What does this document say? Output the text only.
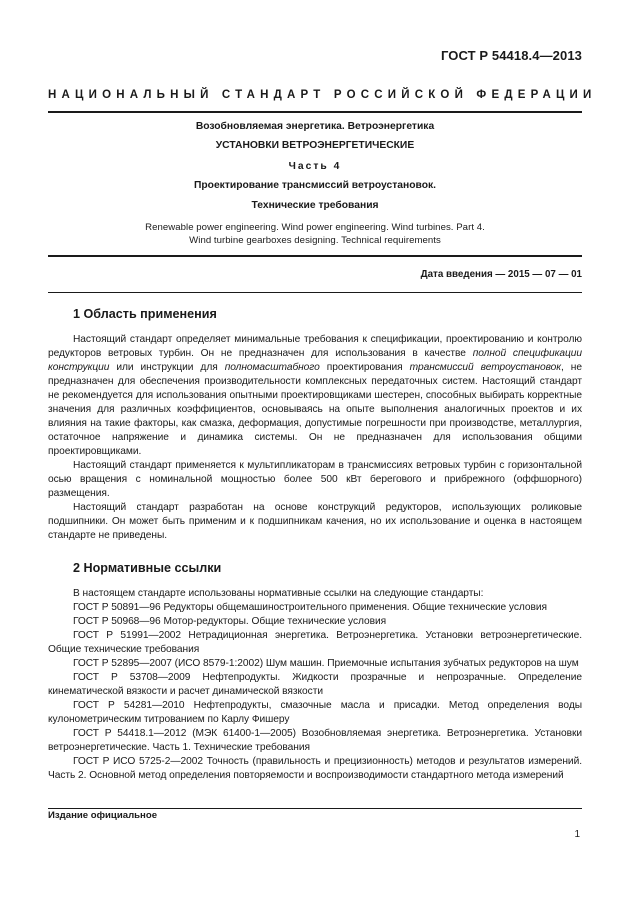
ГОСТ Р 54418.4—2013
НАЦИОНАЛЬНЫЙ СТАНДАРТ РОССИЙСКОЙ ФЕДЕРАЦИИ
Возобновляемая энергетика. Ветроэнергетика
УСТАНОВКИ ВЕТРОЭНЕРГЕТИЧЕСКИЕ
Часть 4
Проектирование трансмиссий ветроустановок.
Технические требования
Renewable power engineering. Wind power engineering. Wind turbines. Part 4.
Wind turbine gearboxes designing. Technical requirements
Дата введения — 2015 — 07 — 01
1 Область применения

Настоящий стандарт определяет минимальные требования к спецификации, проектированию и контролю редукторов ветровых турбин. Он не предназначен для использования в качестве полной спецификации конструкции или инструкции для полномасштабного проектирования трансмиссий ветроустановок, не предназначен для обеспечения производительности комплексных передаточных систем. Настоящий стандарт не рекомендуется для использования опытными проектировщиками шестерен, способных выбирать корректные значения для различных коэффициентов, основываясь на опыте выполнения аналогичных проектов и их влияния на такие факторы, как смазка, деформация, допустимые погрешности при производстве, металлургия, остаточное напряжение и динамика системы. Он не предназначен для использования общими проектировщиками.

Настоящий стандарт применяется к мультипликаторам в трансмиссиях ветровых турбин с горизонтальной осью вращения с номинальной мощностью более 500 кВт берегового и прибрежного (оффшорного) размещения.

Настоящий стандарт разработан на основе конструкций редукторов, использующих роликовые подшипники. Он может быть применим и к подшипникам качения, но их использование и оценка в настоящем стандарте не приведены.

2 Нормативные ссылки

В настоящем стандарте использованы нормативные ссылки на следующие стандарты:

ГОСТ Р 50891—96 Редукторы общемашиностроительного применения. Общие технические условия

ГОСТ Р 50968—96 Мотор-редукторы. Общие технические условия

ГОСТ Р 51991—2002 Нетрадиционная энергетика. Ветроэнергетика. Установки ветроэнергетические. Общие технические требования

ГОСТ Р 52895—2007 (ИСО 8579-1:2002) Шум машин. Приемочные испытания зубчатых редукторов на шум

ГОСТ Р 53708—2009 Нефтепродукты. Жидкости прозрачные и непрозрачные. Определение кинематической вязкости и расчет динамической вязкости

ГОСТ Р 54281—2010 Нефтепродукты, смазочные масла и присадки. Метод определения воды кулонометрическим титрованием по Карлу Фишеру

ГОСТ Р 54418.1—2012 (МЭК 61400-1—2005) Возобновляемая энергетика. Ветроэнергетика. Установки ветроэнергетические. Часть 1. Технические требования

ГОСТ Р ИСО 5725-2—2002 Точность (правильность и прецизионность) методов и результатов измерений. Часть 2. Основной метод определения повторяемости и воспроизводимости стандартного метода измерений

Издание официальное
1
